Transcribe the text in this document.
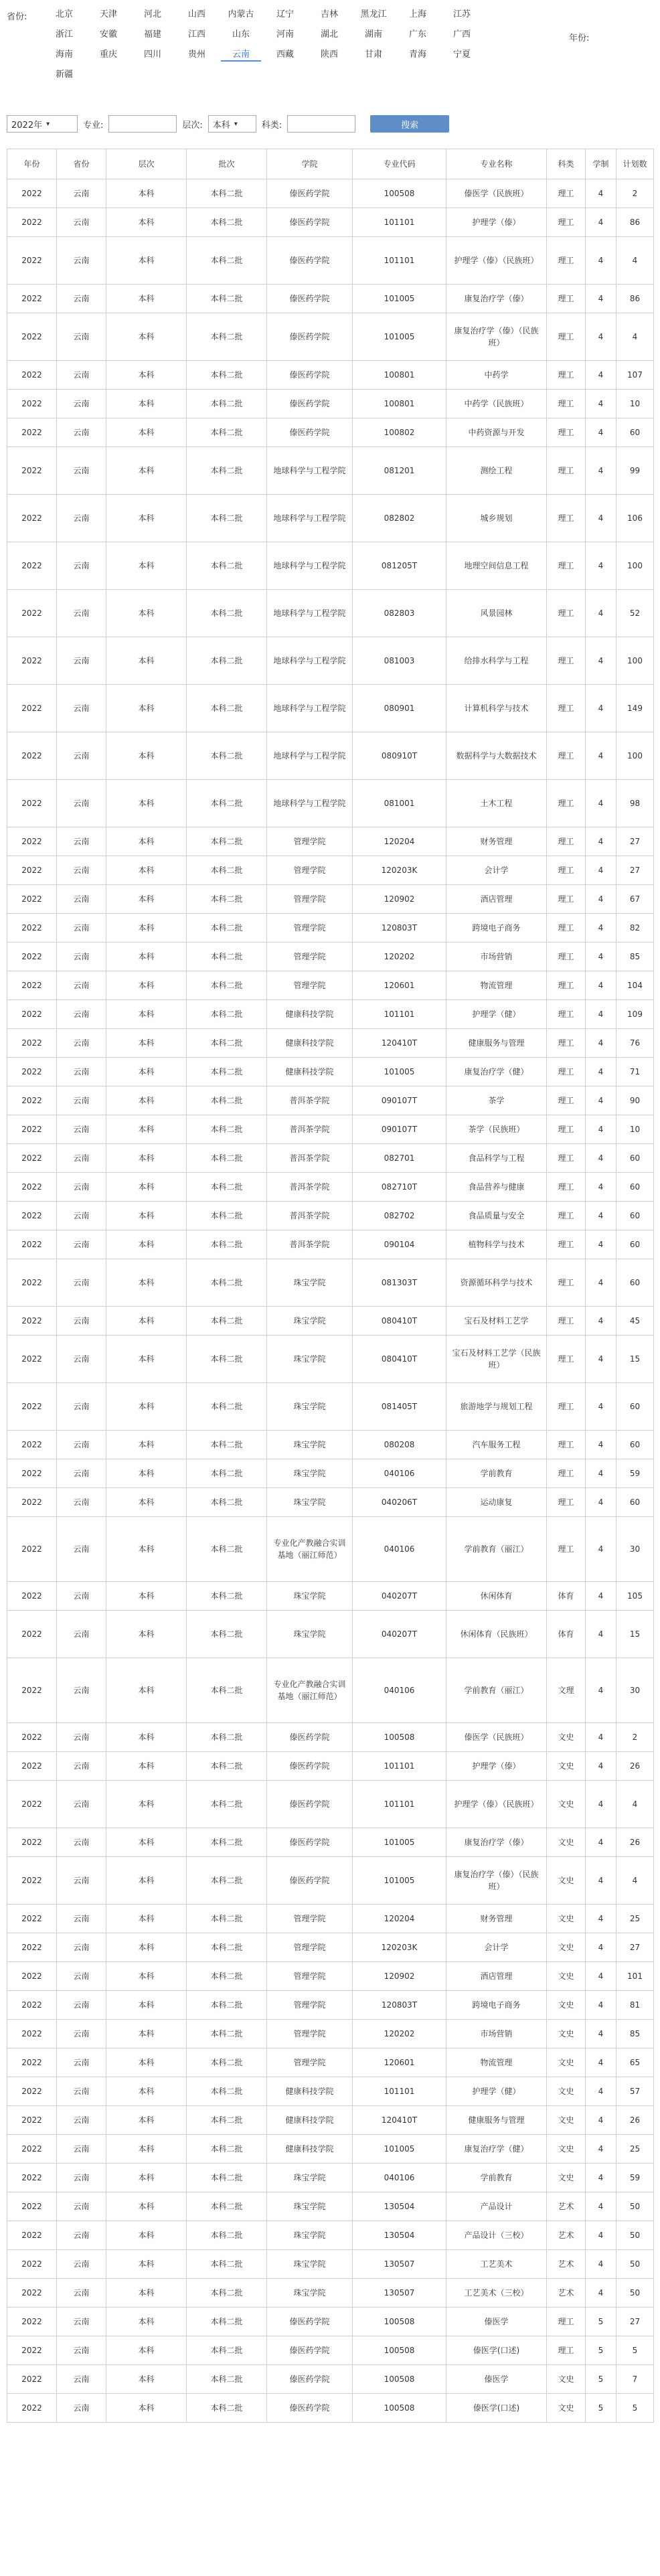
省份:
年份:
北京	天津	河北	山西	内蒙古	辽宁	吉林	黑龙江	上海	江苏
浙江	安徽	福建	江西	山东	河南	湖北	湖南	广东	广西
海南	重庆	四川	贵州	云南	西藏	陕西	甘肃	青海	宁夏
新疆
2022年 ▾	专业:	层次: 本科 ▾	科类:	搜索
年份	省份	层次	批次	学院	专业代码	专业名称	科类	学制	计划数
2022	云南	本科	本科二批	傣医药学院	100508	傣医学（民族班）	理工	4	2
2022	云南	本科	本科二批	傣医药学院	101101	护理学（傣）	理工	4	86
2022	云南	本科	本科二批	傣医药学院	101101	护理学（傣）（民族班）	理工	4	4
2022	云南	本科	本科二批	傣医药学院	101005	康复治疗学（傣）	理工	4	86
2022	云南	本科	本科二批	傣医药学院	101005	康复治疗学（傣）（民族班）	理工	4	4
2022	云南	本科	本科二批	傣医药学院	100801	中药学	理工	4	107
2022	云南	本科	本科二批	傣医药学院	100801	中药学（民族班）	理工	4	10
2022	云南	本科	本科二批	傣医药学院	100802	中药资源与开发	理工	4	60
2022	云南	本科	本科二批	地球科学与工程学院	081201	测绘工程	理工	4	99
2022	云南	本科	本科二批	地球科学与工程学院	082802	城乡规划	理工	4	106
2022	云南	本科	本科二批	地球科学与工程学院	081205T	地理空间信息工程	理工	4	100
2022	云南	本科	本科二批	地球科学与工程学院	082803	风景园林	理工	4	52
2022	云南	本科	本科二批	地球科学与工程学院	081003	给排水科学与工程	理工	4	100
2022	云南	本科	本科二批	地球科学与工程学院	080901	计算机科学与技术	理工	4	149
2022	云南	本科	本科二批	地球科学与工程学院	080910T	数据科学与大数据技术	理工	4	100
2022	云南	本科	本科二批	地球科学与工程学院	081001	土木工程	理工	4	98
2022	云南	本科	本科二批	管理学院	120204	财务管理	理工	4	27
2022	云南	本科	本科二批	管理学院	120203K	会计学	理工	4	27
2022	云南	本科	本科二批	管理学院	120902	酒店管理	理工	4	67
2022	云南	本科	本科二批	管理学院	120803T	跨境电子商务	理工	4	82
2022	云南	本科	本科二批	管理学院	120202	市场营销	理工	4	85
2022	云南	本科	本科二批	管理学院	120601	物流管理	理工	4	104
2022	云南	本科	本科二批	健康科技学院	101101	护理学（健）	理工	4	109
2022	云南	本科	本科二批	健康科技学院	120410T	健康服务与管理	理工	4	76
2022	云南	本科	本科二批	健康科技学院	101005	康复治疗学（健）	理工	4	71
2022	云南	本科	本科二批	普洱茶学院	090107T	茶学	理工	4	90
2022	云南	本科	本科二批	普洱茶学院	090107T	茶学（民族班）	理工	4	10
2022	云南	本科	本科二批	普洱茶学院	082701	食品科学与工程	理工	4	60
2022	云南	本科	本科二批	普洱茶学院	082710T	食品营养与健康	理工	4	60
2022	云南	本科	本科二批	普洱茶学院	082702	食品质量与安全	理工	4	60
2022	云南	本科	本科二批	普洱茶学院	090104	植物科学与技术	理工	4	60
2022	云南	本科	本科二批	珠宝学院	081303T	资源循环科学与技术	理工	4	60
2022	云南	本科	本科二批	珠宝学院	080410T	宝石及材料工艺学	理工	4	45
2022	云南	本科	本科二批	珠宝学院	080410T	宝石及材料工艺学（民族班）	理工	4	15
2022	云南	本科	本科二批	珠宝学院	081405T	旅游地学与规划工程	理工	4	60
2022	云南	本科	本科二批	珠宝学院	080208	汽车服务工程	理工	4	60
2022	云南	本科	本科二批	珠宝学院	040106	学前教育	理工	4	59
2022	云南	本科	本科二批	珠宝学院	040206T	运动康复	理工	4	60
2022	云南	本科	本科二批	专业化产教融合实训基地（丽江师范）	040106	学前教育（丽江）	理工	4	30
2022	云南	本科	本科二批	珠宝学院	040207T	休闲体育	体育	4	105
2022	云南	本科	本科二批	珠宝学院	040207T	休闲体育（民族班）	体育	4	15
2022	云南	本科	本科二批	专业化产教融合实训基地（丽江师范）	040106	学前教育（丽江）	文理	4	30
2022	云南	本科	本科二批	傣医药学院	100508	傣医学（民族班）	文史	4	2
2022	云南	本科	本科二批	傣医药学院	101101	护理学（傣）	文史	4	26
2022	云南	本科	本科二批	傣医药学院	101101	护理学（傣）（民族班）	文史	4	4
2022	云南	本科	本科二批	傣医药学院	101005	康复治疗学（傣）	文史	4	26
2022	云南	本科	本科二批	傣医药学院	101005	康复治疗学（傣）（民族班）	文史	4	4
2022	云南	本科	本科二批	管理学院	120204	财务管理	文史	4	25
2022	云南	本科	本科二批	管理学院	120203K	会计学	文史	4	27
2022	云南	本科	本科二批	管理学院	120902	酒店管理	文史	4	101
2022	云南	本科	本科二批	管理学院	120803T	跨境电子商务	文史	4	81
2022	云南	本科	本科二批	管理学院	120202	市场营销	文史	4	85
2022	云南	本科	本科二批	管理学院	120601	物流管理	文史	4	65
2022	云南	本科	本科二批	健康科技学院	101101	护理学（健）	文史	4	57
2022	云南	本科	本科二批	健康科技学院	120410T	健康服务与管理	文史	4	26
2022	云南	本科	本科二批	健康科技学院	101005	康复治疗学（健）	文史	4	25
2022	云南	本科	本科二批	珠宝学院	040106	学前教育	文史	4	59
2022	云南	本科	本科二批	珠宝学院	130504	产品设计	艺术	4	50
2022	云南	本科	本科二批	珠宝学院	130504	产品设计（三校）	艺术	4	50
2022	云南	本科	本科二批	珠宝学院	130507	工艺美术	艺术	4	50
2022	云南	本科	本科二批	珠宝学院	130507	工艺美术（三校）	艺术	4	50
2022	云南	本科	本科二批	傣医药学院	100508	傣医学	理工	5	27
2022	云南	本科	本科二批	傣医药学院	100508	傣医学(口述)	理工	5	5
2022	云南	本科	本科二批	傣医药学院	100508	傣医学	文史	5	7
2022	云南	本科	本科二批	傣医药学院	100508	傣医学(口述)	文史	5	5
